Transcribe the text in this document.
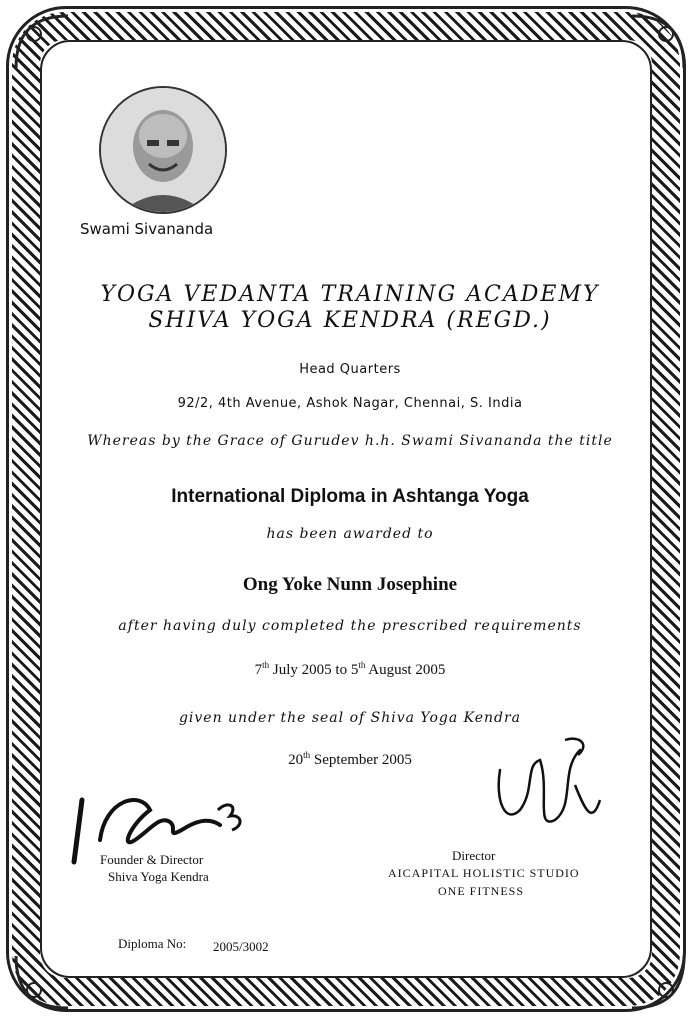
Swami Sivananda
YOGA VEDANTA TRAINING ACADEMY
SHIVA YOGA KENDRA (REGD.)
Head Quarters
92/2, 4th Avenue, Ashok Nagar, Chennai, S. India
Whereas by the Grace of Gurudev h.h. Swami Sivananda the title
International Diploma in Ashtanga Yoga
has been awarded to
Ong Yoke Nunn Josephine
after having duly completed the prescribed requirements
7th July 2005 to 5th August 2005
given under the seal of Shiva Yoga Kendra
20th September 2005
Founder & Director
Shiva Yoga Kendra
Director
AICAPITAL HOLISTIC STUDIO
ONE FITNESS
Diploma No: 2005/3002
